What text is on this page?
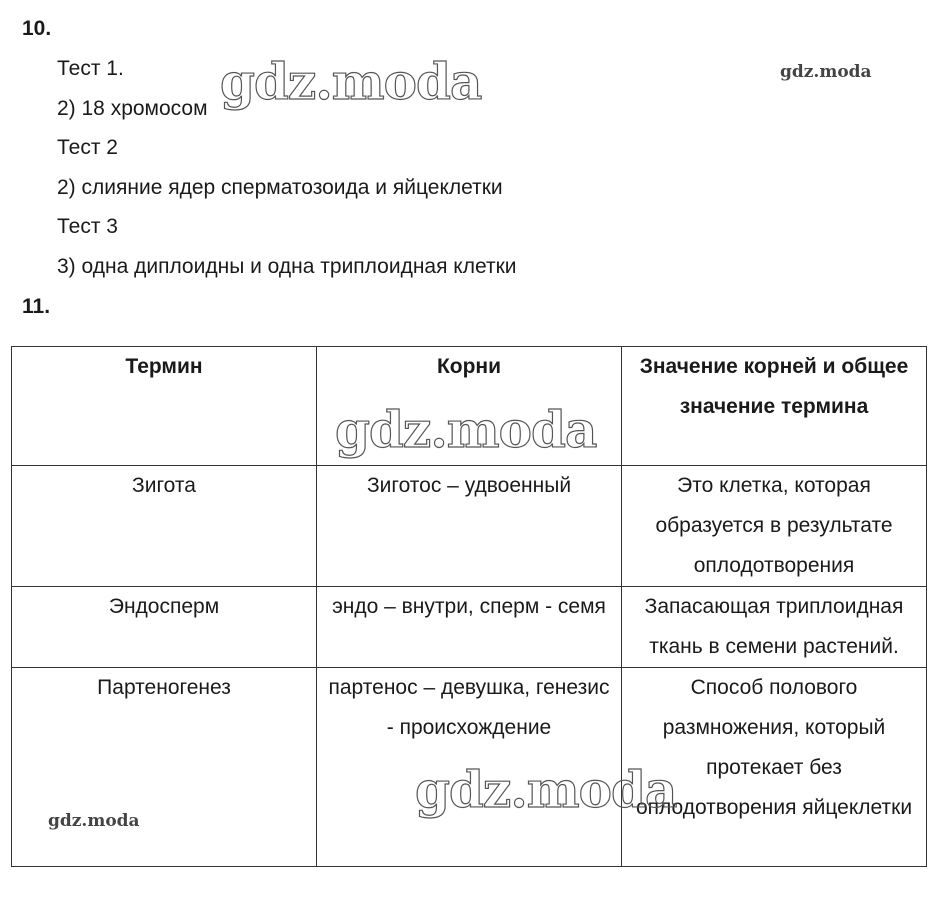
10.
Тест 1.
2) 18 хромосом
Тест 2
2) слияние ядер сперматозоида и яйцеклетки
Тест 3
3) одна диплоидны и одна триплоидная клетки
11.
Термин	Корни	Значение корней и общее значение термина
Зигота	Зиготос – удвоенный	Это клетка, которая образуется в результате оплодотворения
Эндосперм	эндо – внутри, сперм - семя	Запасающая триплоидная ткань в семени растений.
Партеногенез	партенос – девушка, генезис - происхождение	Способ полового размножения, который протекает без оплодотворения яйцеклетки
gdz.moda	gdz.moda
gdz.moda
gdz.moda
gdz.moda
